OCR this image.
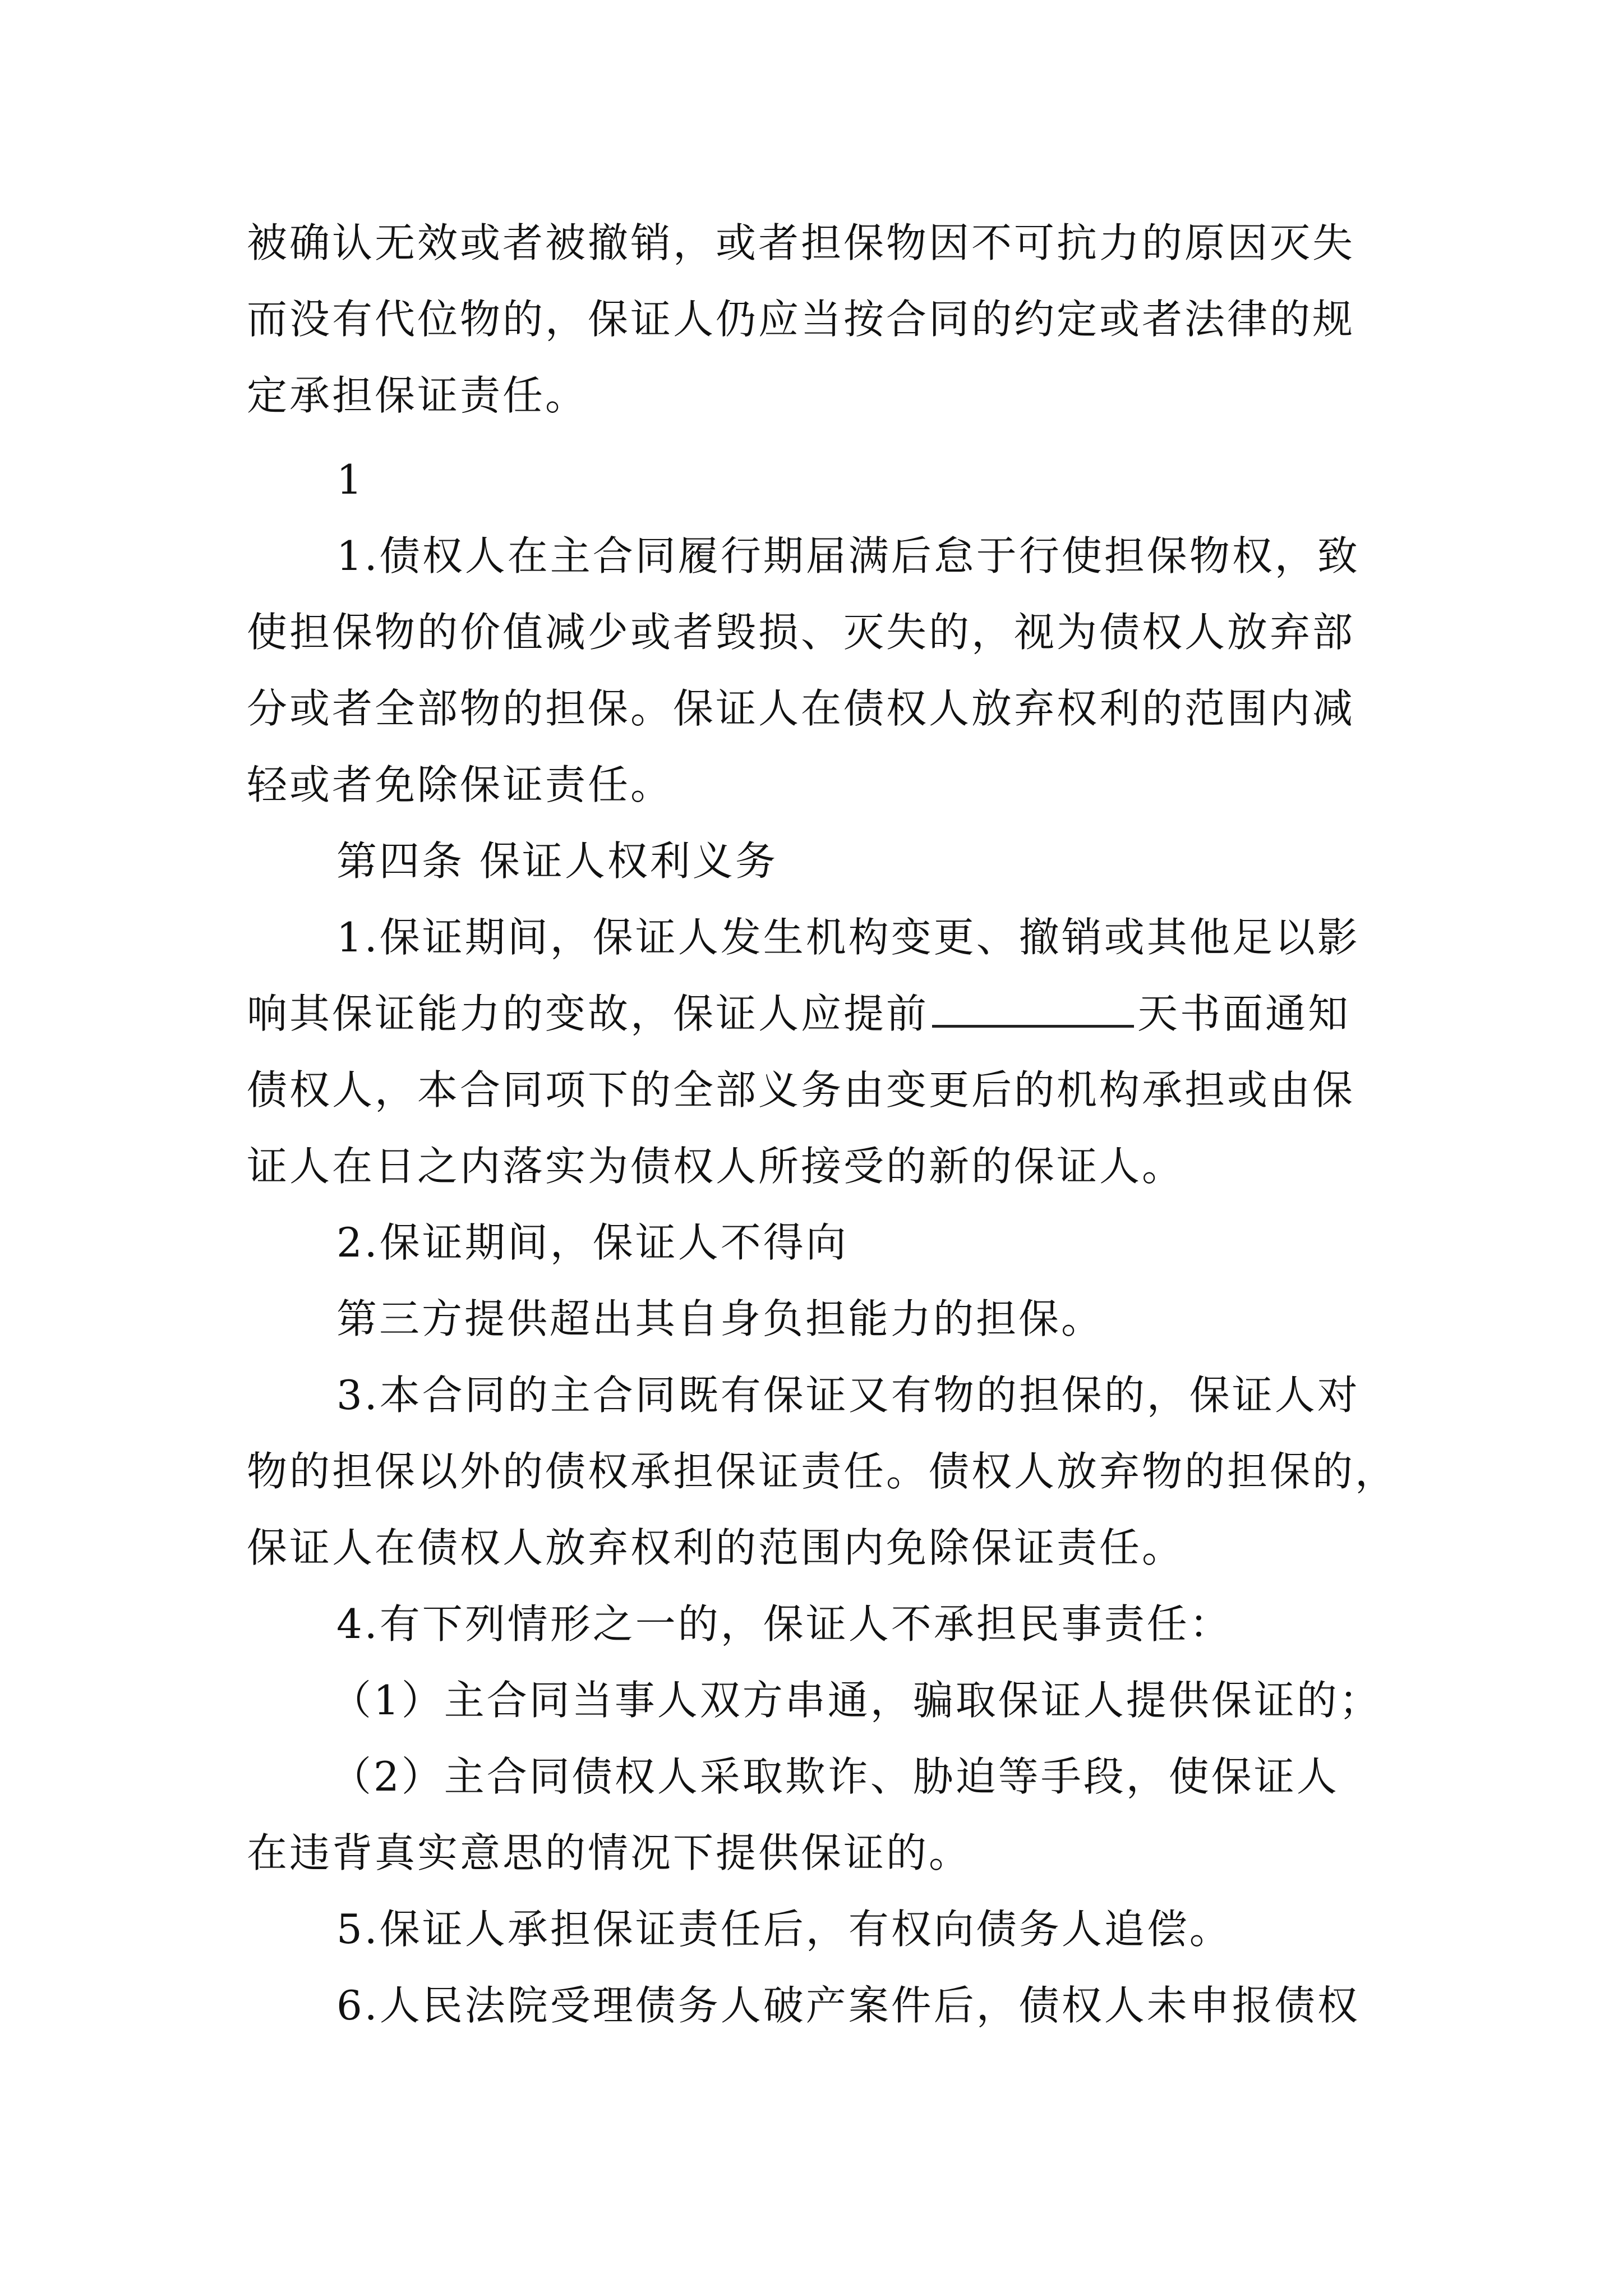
被确认无效或者被撤销，或者担保物因不可抗力的原因灭失
而没有代位物的，保证人仍应当按合同的约定或者法律的规
定承担保证责任。
1
1.债权人在主合同履行期届满后怠于行使担保物权，致
使担保物的价值减少或者毁损、灭失的，视为债权人放弃部
分或者全部物的担保。保证人在债权人放弃权利的范围内减
轻或者免除保证责任。
第四条 保证人权利义务
1.保证期间，保证人发生机构变更、撤销或其他足以影
响其保证能力的变故，保证人应提前	天书面通知
债权人，本合同项下的全部义务由变更后的机构承担或由保
证人在日之内落实为债权人所接受的新的保证人。
2.保证期间，保证人不得向
第三方提供超出其自身负担能力的担保。
3.本合同的主合同既有保证又有物的担保的，保证人对
物的担保以外的债权承担保证责任。债权人放弃物的担保的，
保证人在债权人放弃权利的范围内免除保证责任。
4.有下列情形之一的，保证人不承担民事责任：
（1）主合同当事人双方串通，骗取保证人提供保证的；
（2）主合同债权人采取欺诈、胁迫等手段，使保证人
在违背真实意思的情况下提供保证的。
5.保证人承担保证责任后，有权向债务人追偿。
6.人民法院受理债务人破产案件后，债权人未申报债权
